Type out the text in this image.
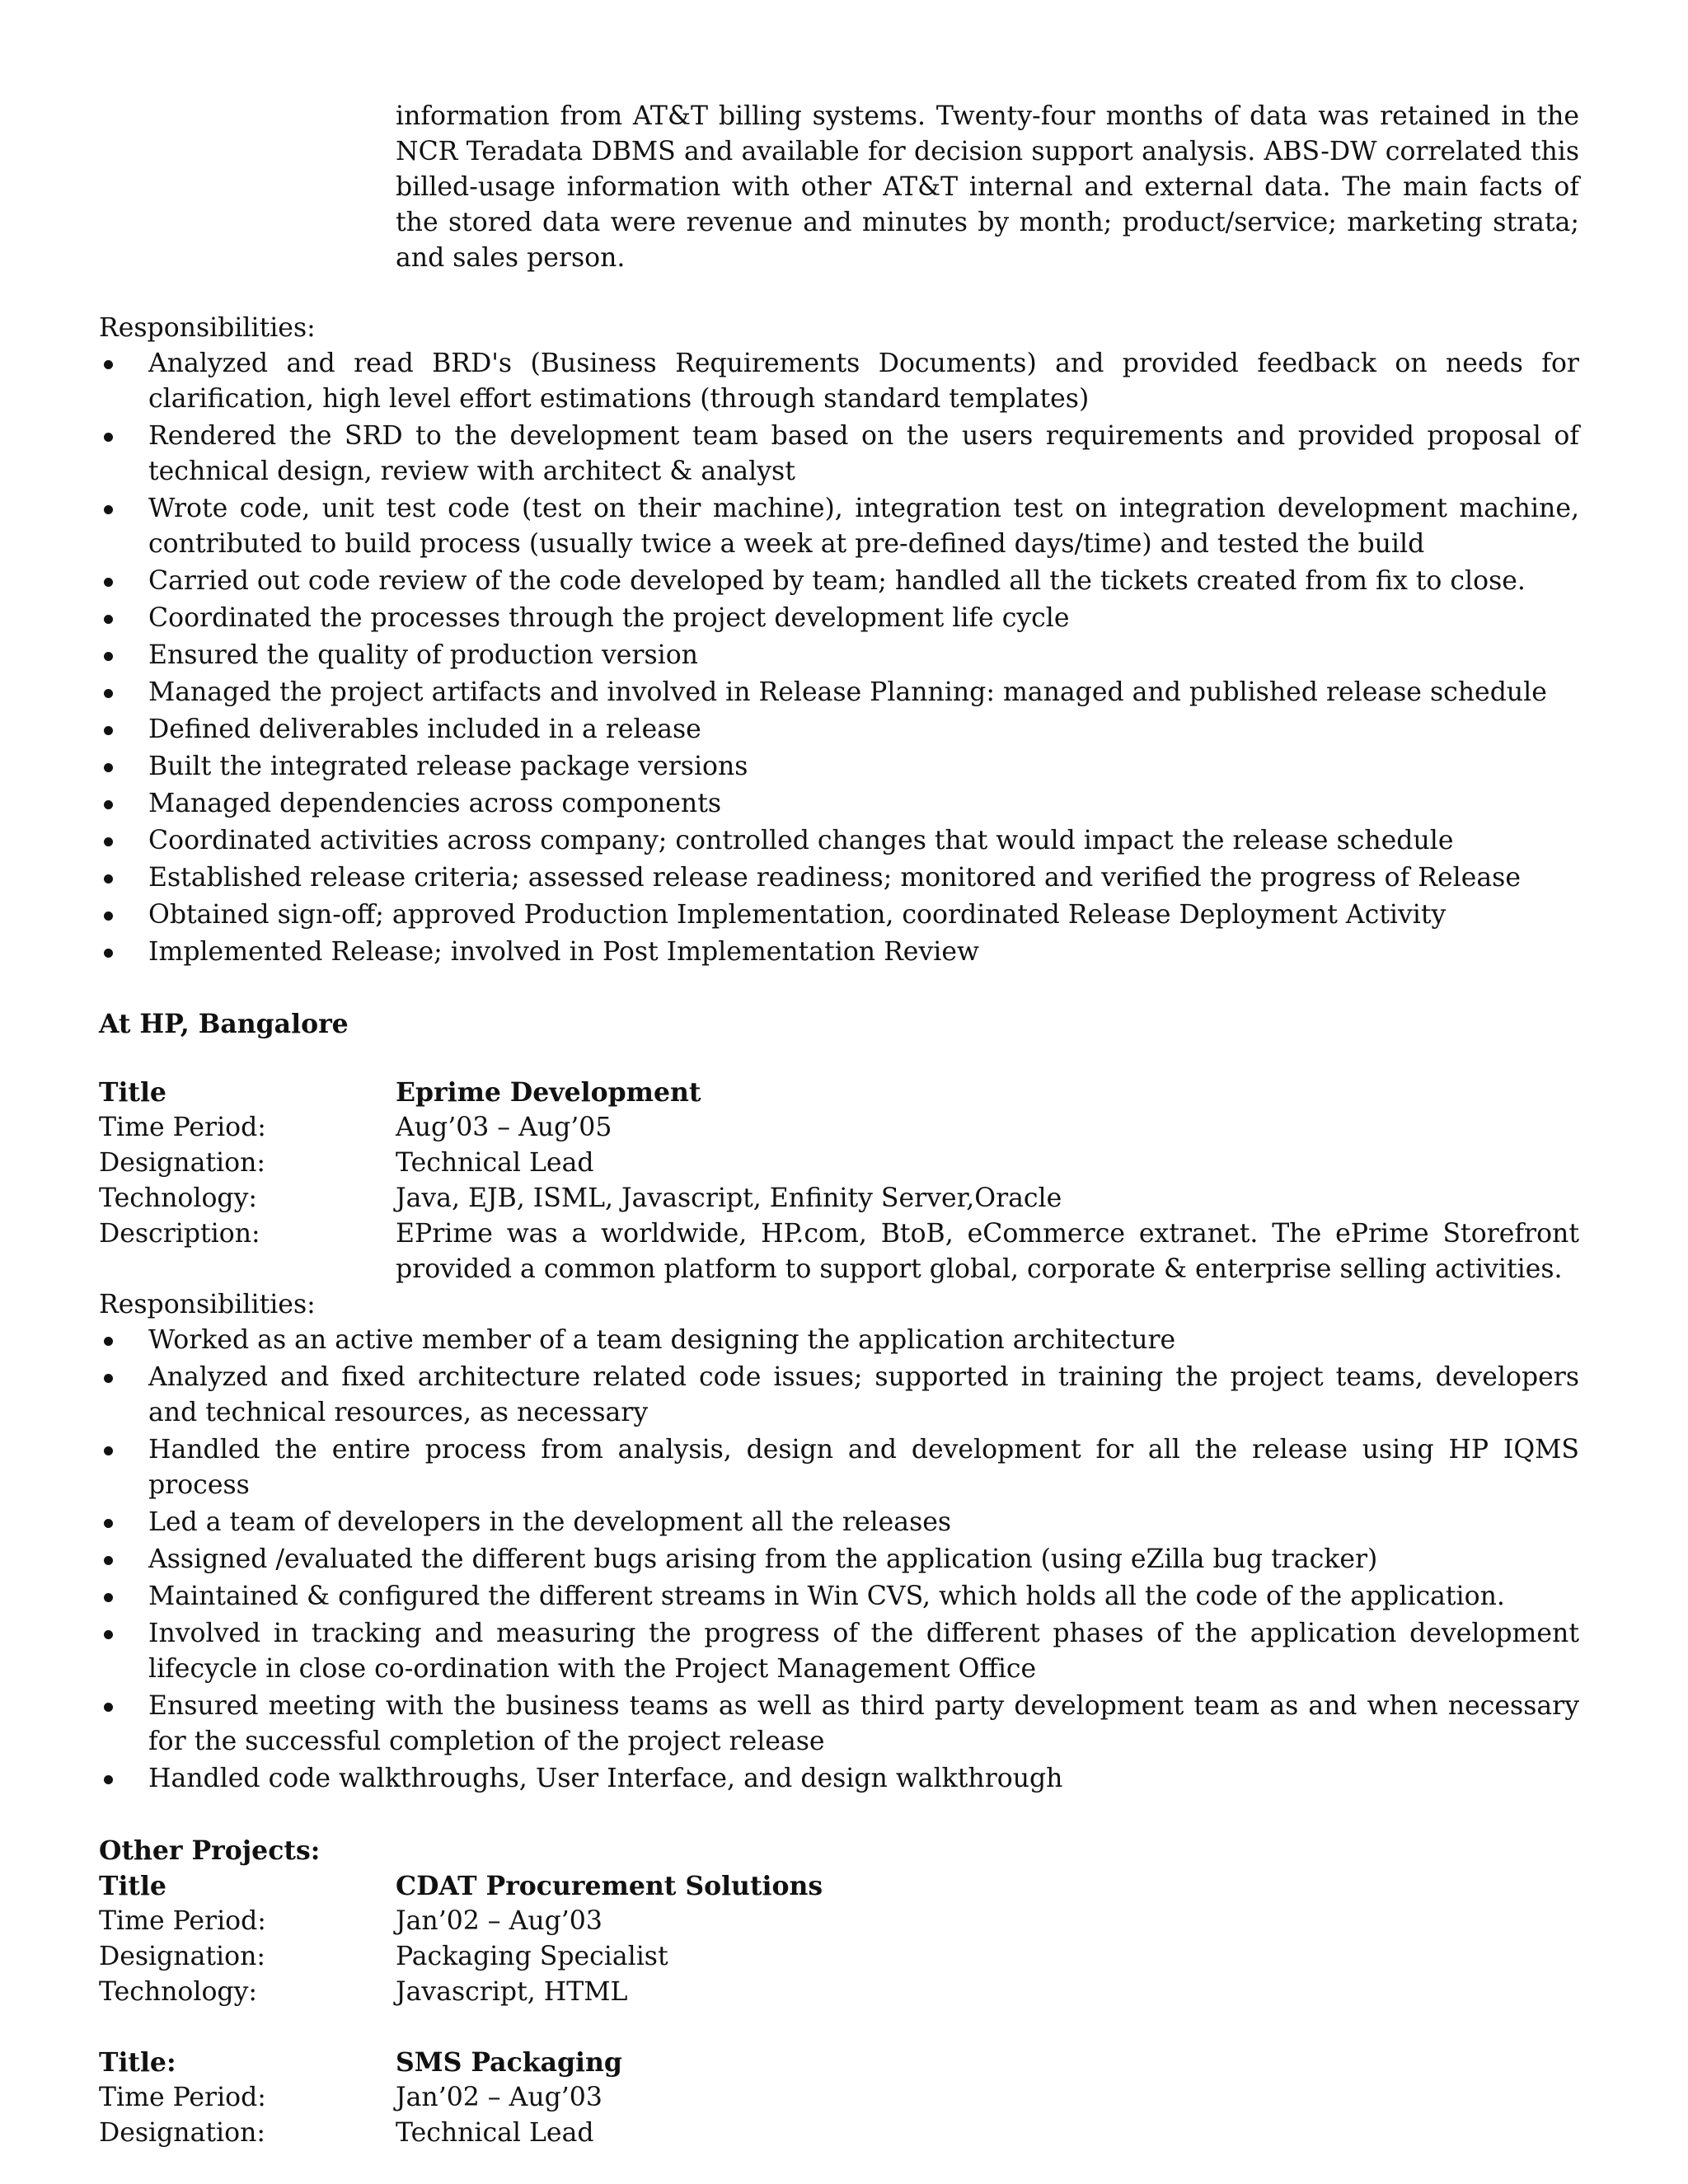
information from AT&T billing systems. Twenty-four months of data was retained in the NCR Teradata DBMS and available for decision support analysis. ABS-DW correlated this billed-usage information with other AT&T internal and external data. The main facts of the stored data were revenue and minutes by month; product/service; marketing strata; and sales person.
Responsibilities:
Analyzed and read BRD's (Business Requirements Documents) and provided feedback on needs for clarification, high level effort estimations (through standard templates)
Rendered the SRD to the development team based on the users requirements and provided proposal of technical design, review with architect & analyst
Wrote code, unit test code (test on their machine), integration test on integration development machine, contributed to build process (usually twice a week at pre-defined days/time) and tested the build
Carried out code review of the code developed by team; handled all the tickets created from fix to close.
Coordinated the processes through the project development life cycle
Ensured the quality of production version
Managed the project artifacts and involved in Release Planning: managed and published release schedule
Defined deliverables included in a release
Built the integrated release package versions
Managed dependencies across components
Coordinated activities across company; controlled changes that would impact the release schedule
Established release criteria; assessed release readiness; monitored and verified the progress of Release
Obtained sign-off; approved Production Implementation, coordinated Release Deployment Activity
Implemented Release; involved in Post Implementation Review
At HP, Bangalore
Title	Eprime Development
Time Period:	Aug’03 – Aug’05
Designation:	Technical Lead
Technology:	Java, EJB, ISML, Javascript, Enfinity Server,Oracle
Description:	EPrime was a worldwide, HP.com, BtoB, eCommerce extranet. The ePrime Storefront provided a common platform to support global, corporate & enterprise selling activities.
Responsibilities:
Worked as an active member of a team designing the application architecture
Analyzed and fixed architecture related code issues; supported in training the project teams, developers and technical resources, as necessary
Handled the entire process from analysis, design and development for all the release using HP IQMS process
Led a team of developers in the development all the releases
Assigned /evaluated the different bugs arising from the application (using eZilla bug tracker)
Maintained & configured the different streams in Win CVS, which holds all the code of the application.
Involved in tracking and measuring the progress of the different phases of the application development lifecycle in close co-ordination with the Project Management Office
Ensured meeting with the business teams as well as third party development team as and when necessary for the successful completion of the project release
Handled code walkthroughs, User Interface, and design walkthrough
Other Projects:
Title	CDAT Procurement Solutions
Time Period:	Jan’02 – Aug’03
Designation:	Packaging Specialist
Technology:	Javascript, HTML
Title:	SMS Packaging
Time Period:	Jan’02 – Aug’03
Designation:	Technical Lead
